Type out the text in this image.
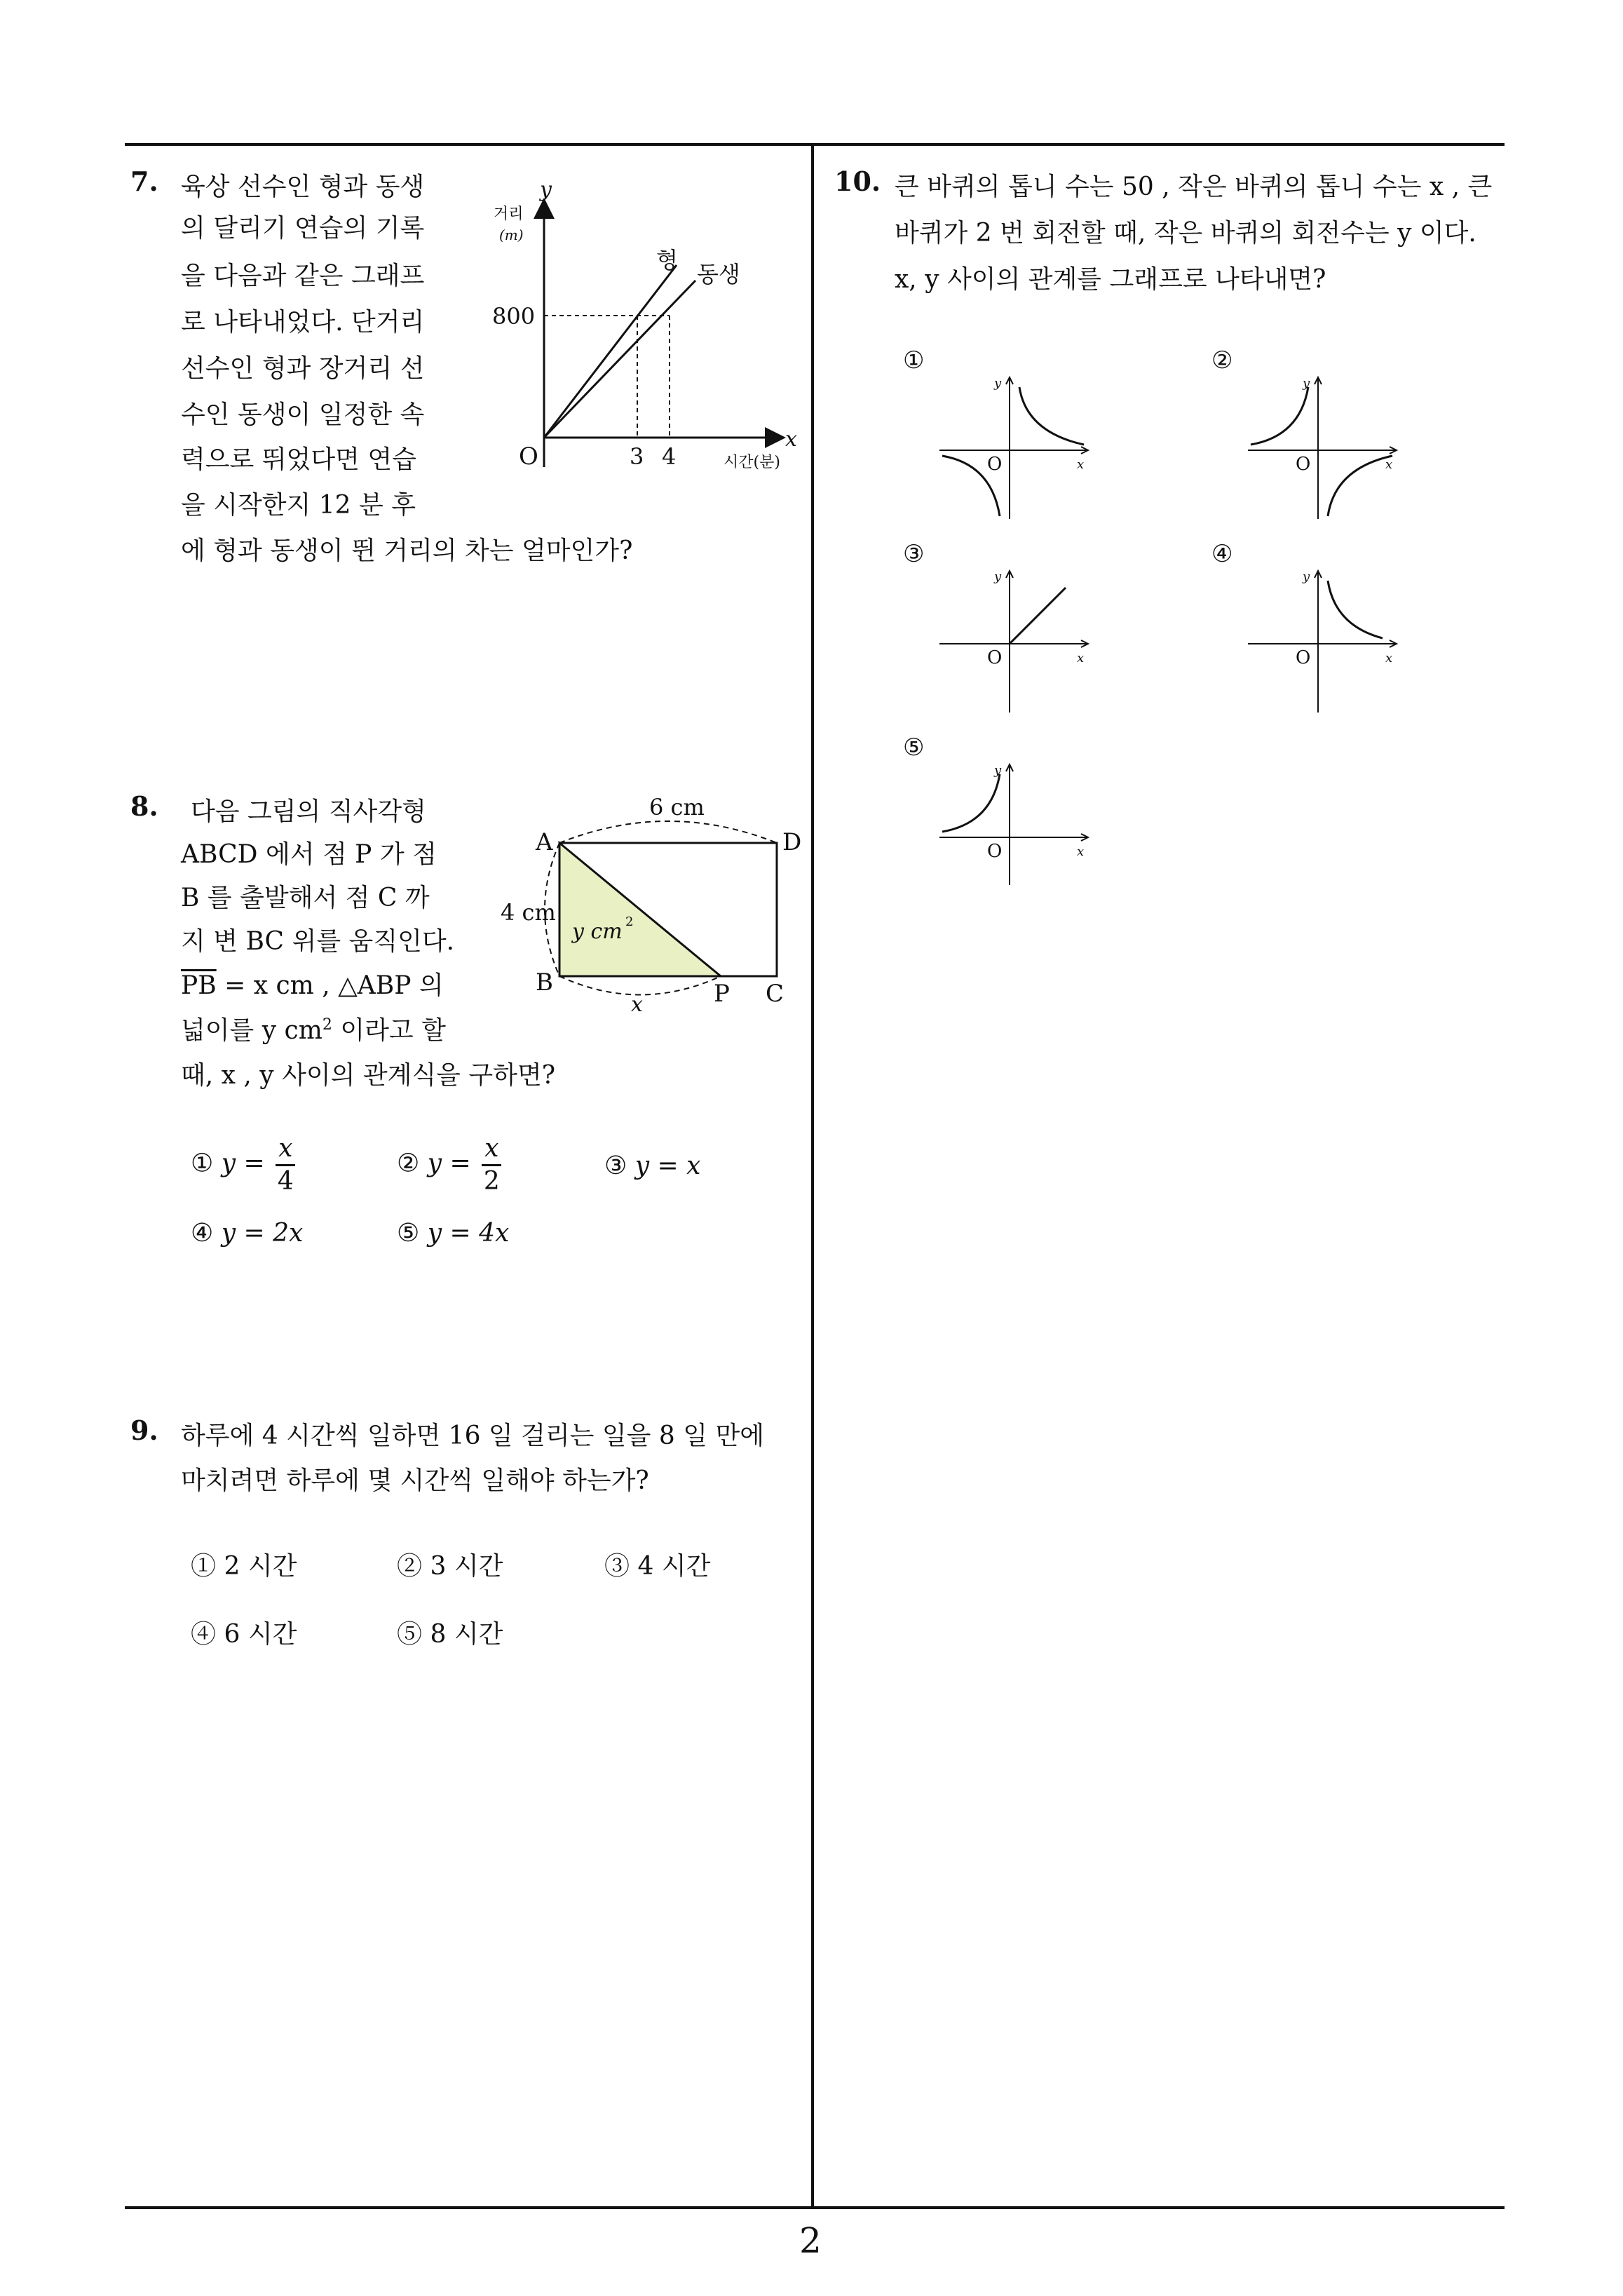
2
7. 육상 선수인 형과 동생
의 달리기 연습의 기록
을 다음과 같은 그래프
로 나타내었다. 단거리
선수인 형과 장거리 선
수인 동생이 일정한 속
력으로 뛰었다면 연습
을 시작한지 12 분 후
에 형과 동생이 뛴 거리의 차는 얼마인가?
거리
(m)
y
x
시간(분)
O
800
3 4
형
동생
8. 다음 그림의 직사각형
ABCD 에서 점 P 가 점
B 를 출발해서 점 C 까
지 변 BC 위를 움직인다.
$\overline{PB} = x$ cm , △ABP 의
넓이를 y $cm^2$ 이라고 할
때, x , y 사이의 관계식을 구하면?
A	D
B	C
P
6 cm
4 cm
x
y cm 2
① $y = \frac{x}{4}$	② $y = \frac{x}{2}$	③ y = x
④ y = 2x	⑤ y = 4x
9. 하루에 4 시간씩 일하면 16 일 걸리는 일을 8 일 만에
마치려면 하루에 몇 시간씩 일해야 하는가?
① 2 시간	② 3 시간	③ 4 시간
④ 6 시간	⑤ 8 시간
10. 큰 바퀴의 톱니 수는 50 , 작은 바퀴의 톱니 수는 x , 큰
바퀴가 2 번 회전할 때, 작은 바퀴의 회전수는 y 이다.
x, y 사이의 관계를 그래프로 나타내면?
①
O	x
y
②
O	x
y
③
O	x
y
④
O	x
y
⑤
O	x
y
